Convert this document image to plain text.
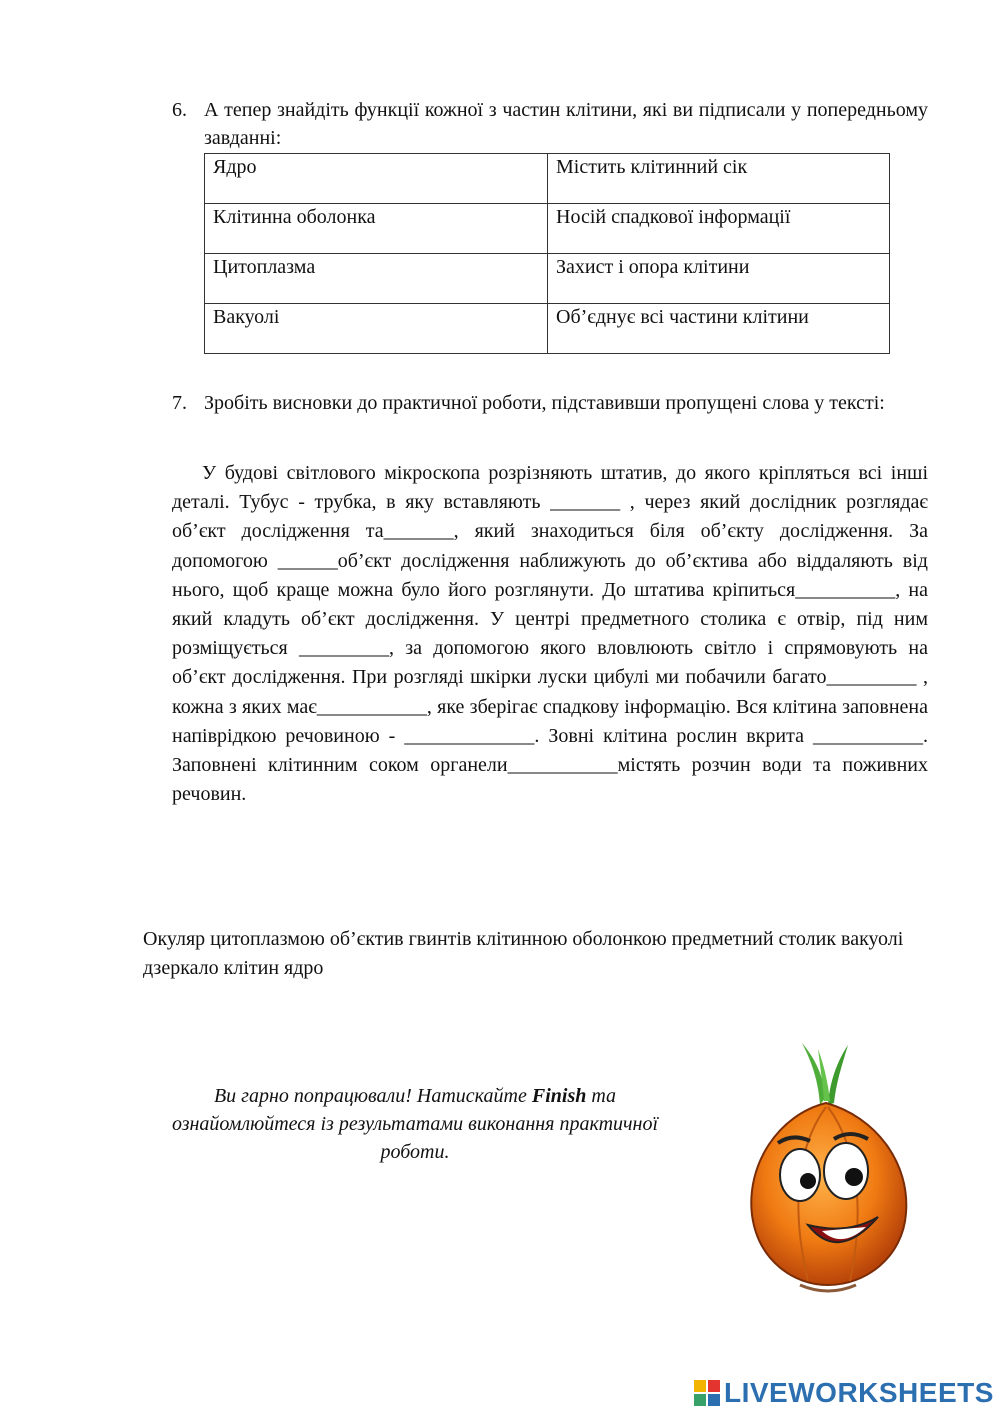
6. А тепер знайдіть функції кожної з частин клітини, які ви підписали у попередньому завданні:
Ядро	Містить клітинний сік
Клітинна оболонка	Носій спадкової інформації
Цитоплазма	Захист і опора клітини
Вакуолі	Об’єднує всі частини клітини
7. Зробіть висновки до практичної роботи, підставивши пропущені слова у тексті:
У будові світлового мікроскопа розрізняють штатив, до якого кріпляться всі інші деталі. Тубус - трубка, в яку вставляють _______ , через який дослідник розглядає об’єкт дослідження та_______, який знаходиться біля об’єкту дослідження. За допомогою ______об’єкт дослідження наближують до об’єктива або віддаляють від нього, щоб краще можна було його розглянути. До штатива кріпиться__________, на який кладуть об’єкт дослідження. У центрі предметного столика є отвір, під ним розміщується _________, за допомогою якого вловлюють світло і спрямовують на об’єкт дослідження. При розгляді шкірки луски цибулі ми побачили багато_________ , кожна з яких має___________, яке зберігає спадкову інформацію. Вся клітина заповнена напіврідкою речовиною - _____________. Зовні клітина рослин вкрита ___________. Заповнені клітинним соком органели___________містять розчин води та поживних речовин.
Окуляр цитоплазмою об’єктив гвинтів клітинною оболонкою предметний столик вакуолі дзеркало клітин ядро
Ви гарно попрацювали! Натискайте Finish та ознайомлюйтеся із результатами виконання практичної роботи.
LIVEWORKSHEETS
